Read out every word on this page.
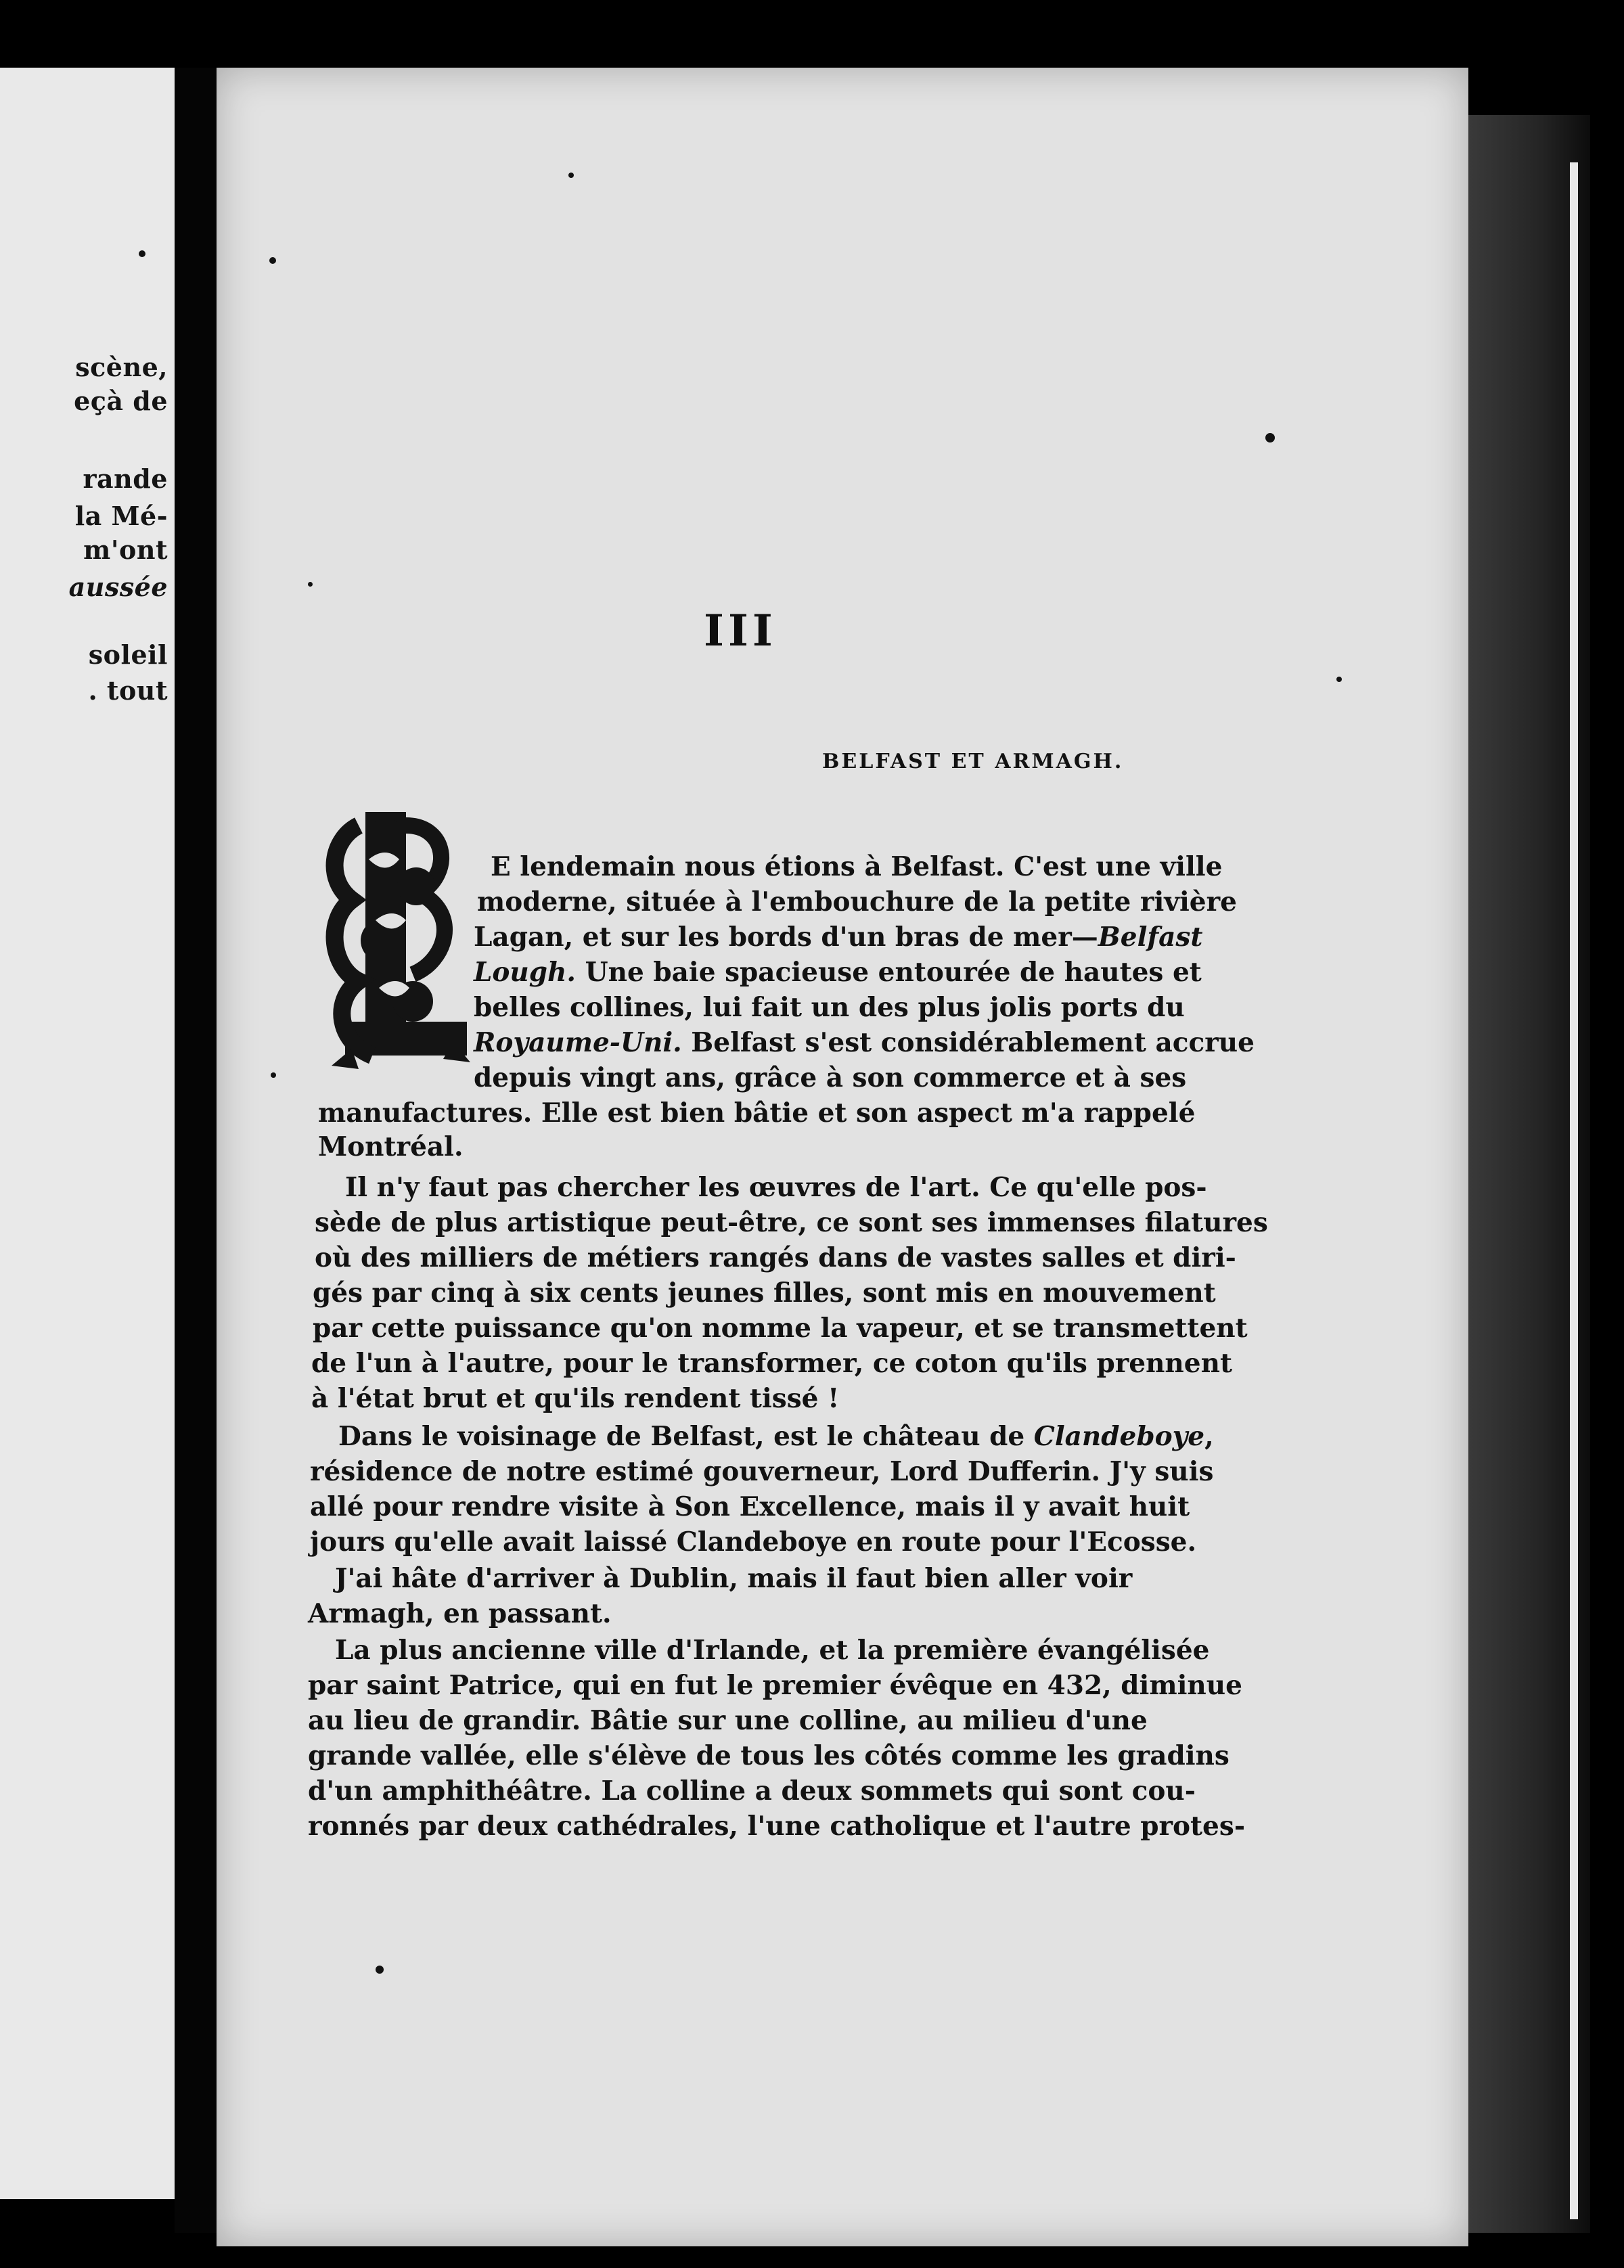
scène,
eçà de
rande
la Mé-
m'ont
aussée
soleil
. tout
III
BELFAST ET ARMAGH.
E lendemain nous étions à Belfast. C'est une ville
moderne, située à l'embouchure de la petite rivière
Lagan, et sur les bords d'un bras de mer—Belfast
Lough. Une baie spacieuse entourée de hautes et
belles collines, lui fait un des plus jolis ports du
Royaume-Uni. Belfast s'est considérablement accrue
depuis vingt ans, grâce à son commerce et à ses
manufactures. Elle est bien bâtie et son aspect m'a rappelé
Montréal.
Il n'y faut pas chercher les œuvres de l'art. Ce qu'elle pos-
sède de plus artistique peut-être, ce sont ses immenses filatures
où des milliers de métiers rangés dans de vastes salles et diri-
gés par cinq à six cents jeunes filles, sont mis en mouvement
par cette puissance qu'on nomme la vapeur, et se transmettent
de l'un à l'autre, pour le transformer, ce coton qu'ils prennent
à l'état brut et qu'ils rendent tissé !
Dans le voisinage de Belfast, est le château de Clandeboye,
résidence de notre estimé gouverneur, Lord Dufferin. J'y suis
allé pour rendre visite à Son Excellence, mais il y avait huit
jours qu'elle avait laissé Clandeboye en route pour l'Ecosse.
J'ai hâte d'arriver à Dublin, mais il faut bien aller voir
Armagh, en passant.
La plus ancienne ville d'Irlande, et la première évangélisée
par saint Patrice, qui en fut le premier évêque en 432, diminue
au lieu de grandir. Bâtie sur une colline, au milieu d'une
grande vallée, elle s'élève de tous les côtés comme les gradins
d'un amphithéâtre. La colline a deux sommets qui sont cou-
ronnés par deux cathédrales, l'une catholique et l'autre protes-
